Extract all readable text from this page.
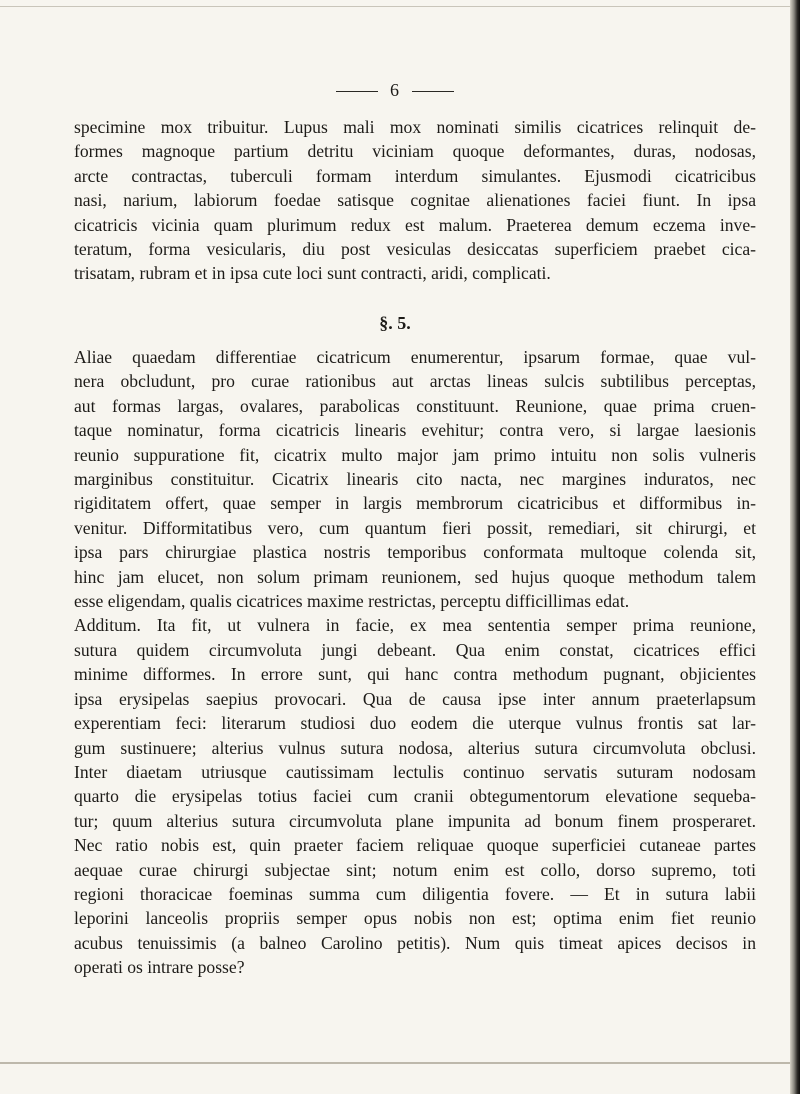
6

specimine mox tribuitur. Lupus mali mox nominati similis cicatrices relinquit de-

formes magnoque partium detritu viciniam quoque deformantes, duras, nodosas,

arcte contractas, tuberculi formam interdum simulantes. Ejusmodi cicatricibus

nasi, narium, labiorum foedae satisque cognitae alienationes faciei fiunt. In ipsa

cicatricis vicinia quam plurimum redux est malum. Praeterea demum eczema inve-

teratum, forma vesicularis, diu post vesiculas desiccatas superficiem praebet cica-

trisatam, rubram et in ipsa cute loci sunt contracti, aridi, complicati.

§. 5.

Aliae quaedam differentiae cicatricum enumerentur, ipsarum formae, quae vul-

nera obcludunt, pro curae rationibus aut arctas lineas sulcis subtilibus perceptas,

aut formas largas, ovalares, parabolicas constituunt. Reunione, quae prima cruen-

taque nominatur, forma cicatricis linearis evehitur; contra vero, si largae laesionis

reunio suppuratione fit, cicatrix multo major jam primo intuitu non solis vulneris

marginibus constituitur. Cicatrix linearis cito nacta, nec margines induratos, nec

rigiditatem offert, quae semper in largis membrorum cicatricibus et difformibus in-

venitur. Difformitatibus vero, cum quantum fieri possit, remediari, sit chirurgi, et

ipsa pars chirurgiae plastica nostris temporibus conformata multoque colenda sit,

hinc jam elucet, non solum primam reunionem, sed hujus quoque methodum talem

esse eligendam, qualis cicatrices maxime restrictas, perceptu difficillimas edat.

Additum. Ita fit, ut vulnera in facie, ex mea sententia semper prima reunione,

sutura quidem circumvoluta jungi debeant. Qua enim constat, cicatrices effici

minime difformes. In errore sunt, qui hanc contra methodum pugnant, objicientes

ipsa erysipelas saepius provocari. Qua de causa ipse inter annum praeterlapsum

experentiam feci: literarum studiosi duo eodem die uterque vulnus frontis sat lar-

gum sustinuere; alterius vulnus sutura nodosa, alterius sutura circumvoluta obclusi.

Inter diaetam utriusque cautissimam lectulis continuo servatis suturam nodosam

quarto die erysipelas totius faciei cum cranii obtegumentorum elevatione sequeba-

tur; quum alterius sutura circumvoluta plane impunita ad bonum finem prosperaret.

Nec ratio nobis est, quin praeter faciem reliquae quoque superficiei cutaneae partes

aequae curae chirurgi subjectae sint; notum enim est collo, dorso supremo, toti

regioni thoracicae foeminas summa cum diligentia fovere. — Et in sutura labii

leporini lanceolis propriis semper opus nobis non est; optima enim fiet reunio

acubus tenuissimis (a balneo Carolino petitis). Num quis timeat apices decisos in

operati os intrare posse?
